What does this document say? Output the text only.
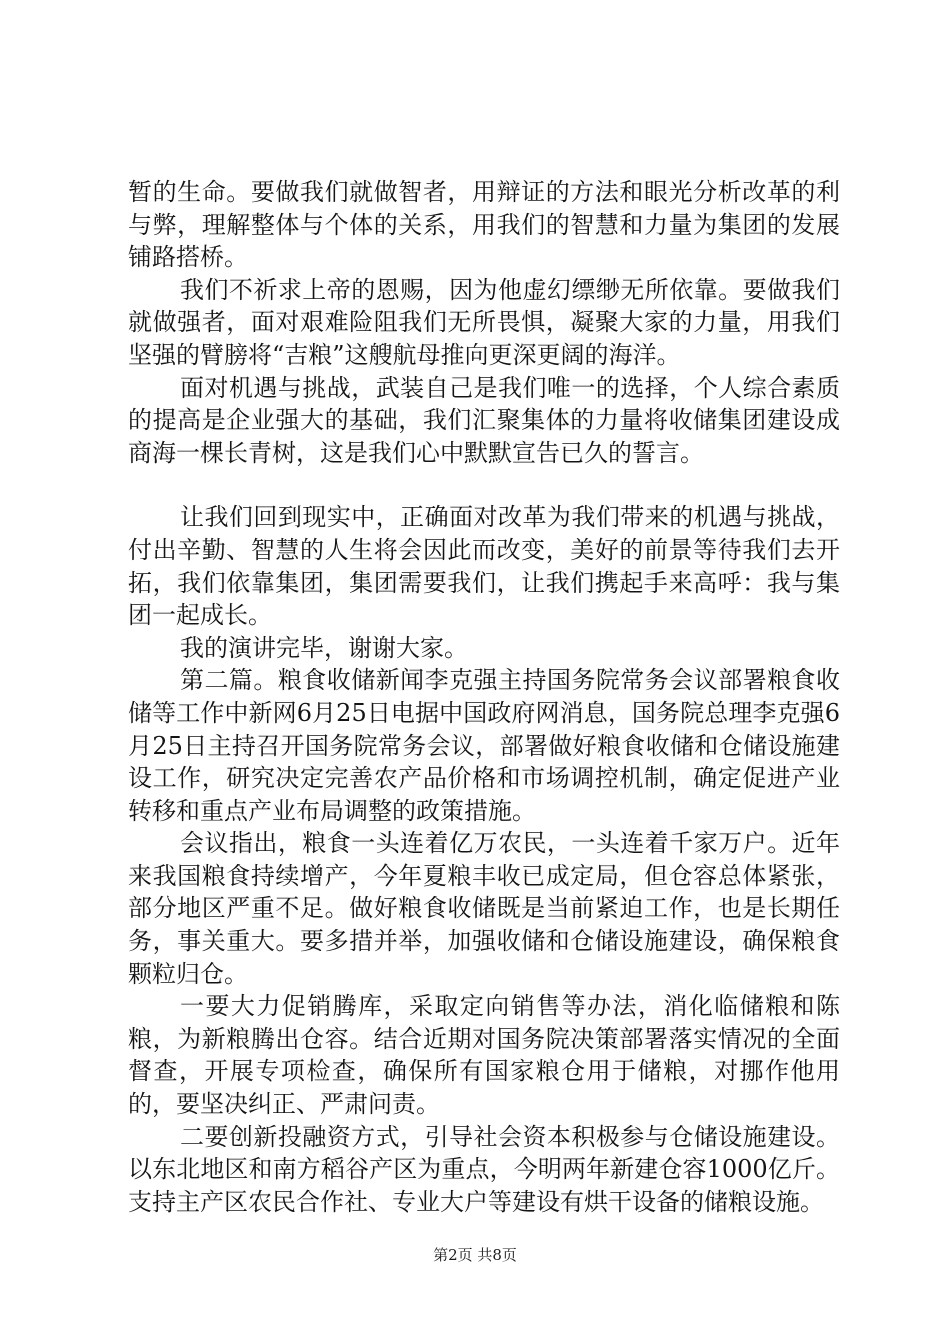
暂的生命。要做我们就做智者，用辩证的方法和眼光分析改革的利与弊，理解整体与个体的关系，用我们的智慧和力量为集团的发展铺路搭桥。

我们不祈求上帝的恩赐，因为他虚幻缥缈无所依靠。要做我们就做强者，面对艰难险阻我们无所畏惧，凝聚大家的力量，用我们坚强的臂膀将“吉粮”这艘航母推向更深更阔的海洋。

面对机遇与挑战，武装自己是我们唯一的选择，个人综合素质的提高是企业强大的基础，我们汇聚集体的力量将收储集团建设成商海一棵长青树，这是我们心中默默宣告已久的誓言。

让我们回到现实中，正确面对改革为我们带来的机遇与挑战，付出辛勤、智慧的人生将会因此而改变，美好的前景等待我们去开拓，我们依靠集团，集团需要我们，让我们携起手来高呼：我与集团一起成长。

我的演讲完毕，谢谢大家。

第二篇。粮食收储新闻李克强主持国务院常务会议部署粮食收储等工作中新网6月25日电据中国政府网消息，国务院总理李克强6月25日主持召开国务院常务会议，部署做好粮食收储和仓储设施建设工作，研究决定完善农产品价格和市场调控机制，确定促进产业转移和重点产业布局调整的政策措施。

会议指出，粮食一头连着亿万农民，一头连着千家万户。近年来我国粮食持续增产，今年夏粮丰收已成定局，但仓容总体紧张，部分地区严重不足。做好粮食收储既是当前紧迫工作，也是长期任务，事关重大。要多措并举，加强收储和仓储设施建设，确保粮食颗粒归仓。

一要大力促销腾库，采取定向销售等办法，消化临储粮和陈粮，为新粮腾出仓容。结合近期对国务院决策部署落实情况的全面督查，开展专项检查，确保所有国家粮仓用于储粮，对挪作他用的，要坚决纠正、严肃问责。

二要创新投融资方式，引导社会资本积极参与仓储设施建设。以东北地区和南方稻谷产区为重点，今明两年新建仓容1000亿斤。支持主产区农民合作社、专业大户等建设有烘干设备的储粮设施。

第2页 共8页
